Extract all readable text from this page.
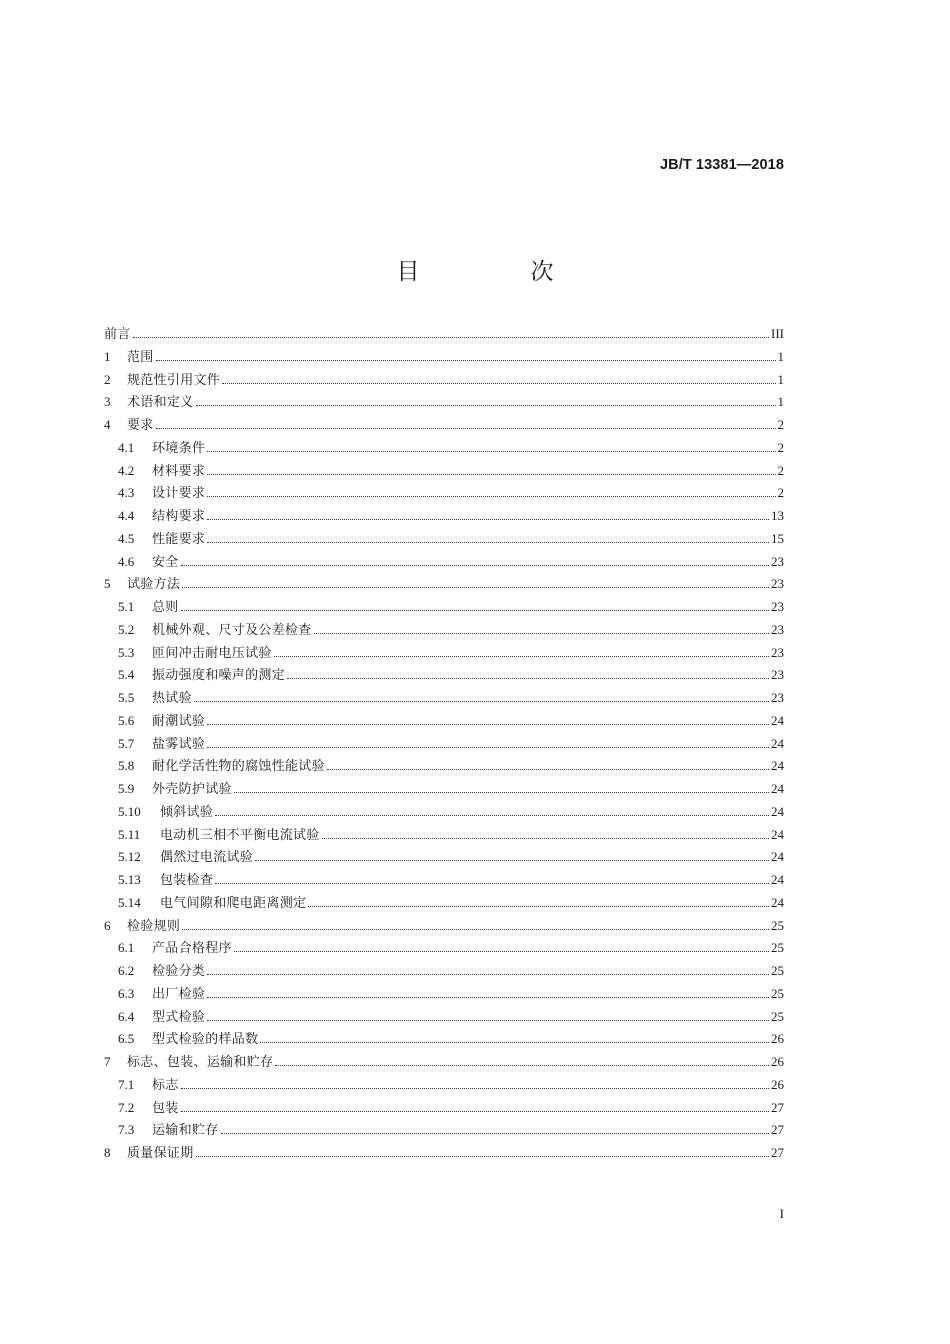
JB/T 13381—2018
目　次
前言	III
1	范围	1
2	规范性引用文件	1
3	术语和定义	1
4	要求	2
4.1	环境条件	2
4.2	材料要求	2
4.3	设计要求	2
4.4	结构要求	13
4.5	性能要求	15
4.6	安全	23
5	试验方法	23
5.1	总则	23
5.2	机械外观、尺寸及公差检查	23
5.3	匝间冲击耐电压试验	23
5.4	振动强度和噪声的测定	23
5.5	热试验	23
5.6	耐潮试验	24
5.7	盐雾试验	24
5.8	耐化学活性物的腐蚀性能试验	24
5.9	外壳防护试验	24
5.10	倾斜试验	24
5.11	电动机三相不平衡电流试验	24
5.12	偶然过电流试验	24
5.13	包装检查	24
5.14	电气间隙和爬电距离测定	24
6	检验规则	25
6.1	产品合格程序	25
6.2	检验分类	25
6.3	出厂检验	25
6.4	型式检验	25
6.5	型式检验的样品数	26
7	标志、包装、运输和贮存	26
7.1	标志	26
7.2	包装	27
7.3	运输和贮存	27
8	质量保证期	27
I
